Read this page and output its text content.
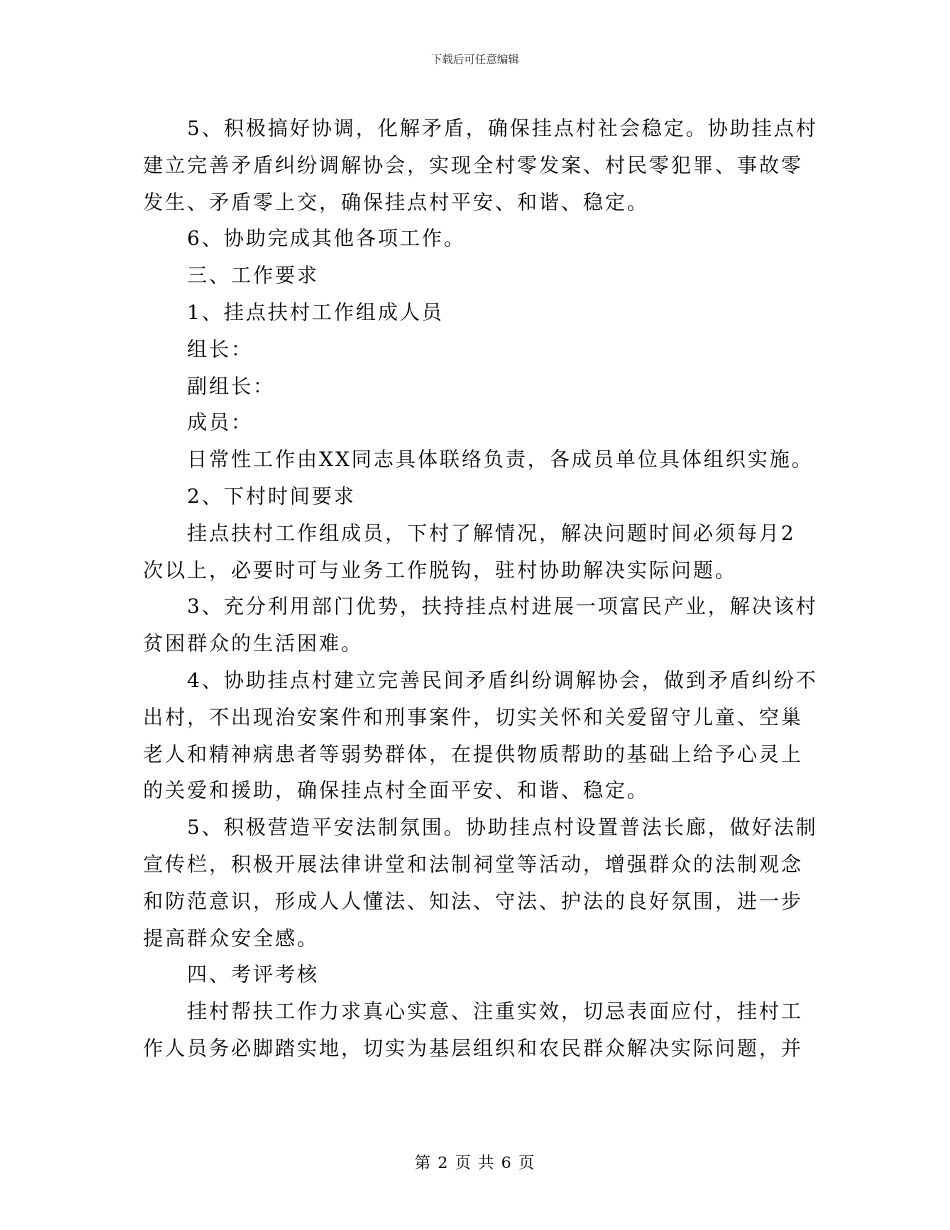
下载后可任意编辑

5、积极搞好协调，化解矛盾，确保挂点村社会稳定。协助挂点村

建立完善矛盾纠纷调解协会，实现全村零发案、村民零犯罪、事故零

发生、矛盾零上交，确保挂点村平安、和谐、稳定。

6、协助完成其他各项工作。

三、工作要求

1、挂点扶村工作组成人员

组长：

副组长：

成员：

日常性工作由XX同志具体联络负责，各成员单位具体组织实施。

2、下村时间要求

挂点扶村工作组成员，下村了解情况，解决问题时间必须每月2

次以上，必要时可与业务工作脱钩，驻村协助解决实际问题。

3、充分利用部门优势，扶持挂点村进展一项富民产业，解决该村

贫困群众的生活困难。

4、协助挂点村建立完善民间矛盾纠纷调解协会，做到矛盾纠纷不

出村，不出现治安案件和刑事案件，切实关怀和关爱留守儿童、空巢

老人和精神病患者等弱势群体，在提供物质帮助的基础上给予心灵上

的关爱和援助，确保挂点村全面平安、和谐、稳定。

5、积极营造平安法制氛围。协助挂点村设置普法长廊，做好法制

宣传栏，积极开展法律讲堂和法制祠堂等活动，增强群众的法制观念

和防范意识，形成人人懂法、知法、守法、护法的良好氛围，进一步

提高群众安全感。

四、考评考核

挂村帮扶工作力求真心实意、注重实效，切忌表面应付，挂村工

作人员务必脚踏实地，切实为基层组织和农民群众解决实际问题，并

第 2 页 共 6 页
